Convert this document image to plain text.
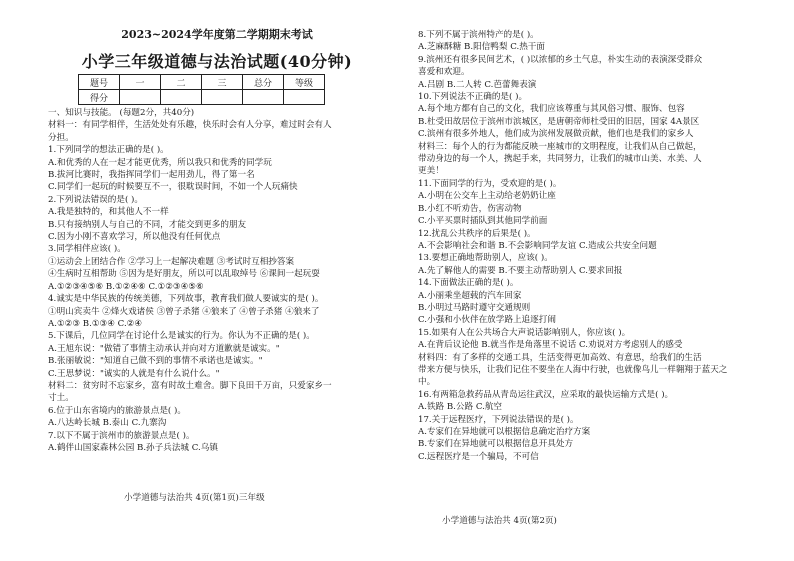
2023~2024学年度第二学期期末考试
小学三年级道德与法治试题(40分钟)
题号	一	二	三	总分	等级
得分					
一、知识与技能。 (每题2分，共40分)
材料一：有同学相伴，生活处处有乐趣，快乐时会有人分享，难过时会有人
分担。
1.下列同学的想法正确的是( )。
A.和优秀的人在一起才能更优秀，所以我只和优秀的同学玩
B.拔河比赛时，我指挥同学们一起用劲儿，得了第一名
C.同学们一起玩的时候要互不一，很耽误时间，不如一个人玩痛快
2.下列说法错误的是( )。
A.我是独特的，和其他人不一样
B.只有接纳别人与自己的不同，才能交到更多的朋友
C.因为小刚不喜欢学习，所以他没有任何优点
3.同学相伴应该( )。
①运动会上团结合作 ②学习上一起解决难题 ③考试时互相抄答案
④生病时互相帮助 ⑤因为是好朋友，所以可以乱取绰号 ⑥课间一起玩耍
A.①②③④⑤⑥ B.①②④⑥ C.①②③④⑤⑥
4.诚实是中华民族的传统美德，下列故事，教育我们做人要诚实的是( )。
①明山宾卖牛 ②烽火戏诸侯 ③曾子杀猪 ④狼来了 ④曾子杀猪 ④狼来了
A.①②③ B.①③④ C.②④
5.下课后，几位同学在讨论什么是诚实的行为。你认为不正确的是( )。
A.王旭东说："做错了事情主动承认并向对方道歉就是诚实。"
B.张丽敏说："知道自己做不到的事情不承诺也是诚实。"
C.王思梦说："诚实的人就是有什么说什么。"
材料二：贫穷时不忘家乡，富有时故土难舍。脚下良田千万亩，只爱家乡一
寸土。
6.位于山东省境内的旅游景点是( )。
A.八达岭长城 B.泰山 C.九寨沟
7.以下不属于滨州市的旅游景点是( )。
A.鹤伴山国家森林公园 B.孙子兵法城 C.乌镇
小学道德与法治共 4页(第1页)三年级
8.下列不属于滨州特产的是( )。
A.芝麻酥糖 B.阳信鸭梨 C.热干面
9.滨州还有很多民间艺术，( )以浓郁的乡土气息，朴实生动的表演深受群众
喜爱和欢迎。
A.吕剧 B.二人转 C.芭蕾舞表演
10.下列说法不正确的是( )。
A.每个地方都有自己的文化，我们应该尊重与其风俗习惯、服饰、包容
B.杜受田故居位于滨州市滨城区，是唐朝帝师杜受田的旧居，国家 4A景区
C.滨州有很多外地人，他们成为滨州发展做贡献，他们也是我们的家乡人
材料三：每个人的行为都能反映一座城市的文明程度，让我们从自己做起，
带动身边的每一个人，携起手来，共同努力，让我们的城市山美、水美、人
更美！
11.下面同学的行为，受欢迎的是( )。
A.小明在公交车上主动给老奶奶让座
B.小红不听劝告，伤害动物
C.小平买票时插队到其他同学前面
12.扰乱公共秩序的后果是( )。
A.不会影响社会和谐 B.不会影响同学友谊 C.造成公共安全问题
13.要想正确地帮助别人，应该( )。
A.先了解他人的需要 B.不要主动帮助别人 C.要求回报
14.下面做法正确的是( )。
A.小丽乘坐超载的汽车回家
B.小明过马路时遵守交通规则
C.小强和小伙伴在放学路上追逐打闹
15.如果有人在公共场合大声说话影响别人，你应该( )。
A.在背后议论他 B.就当作是角落里不说话 C.劝说对方考虑别人的感受
材料四：有了多样的交通工具，生活变得更加高效、有意思，给我们的生活
带来方便与快乐，让我们记住不要坐在人海中行驶，也就像鸟儿一样翱翔于蓝天之
中。
16.有两箱急救药品从青岛运往武汉，应采取的最快运输方式是( )。
A.铁路 B.公路 C.航空
17.关于远程医疗，下列说法错误的是( )。
A.专家们在异地就可以根据信息确定治疗方案
B.专家们在异地就可以根据信息开具处方
C.远程医疗是一个骗局，不可信
小学道德与法治共 4页(第2页)
